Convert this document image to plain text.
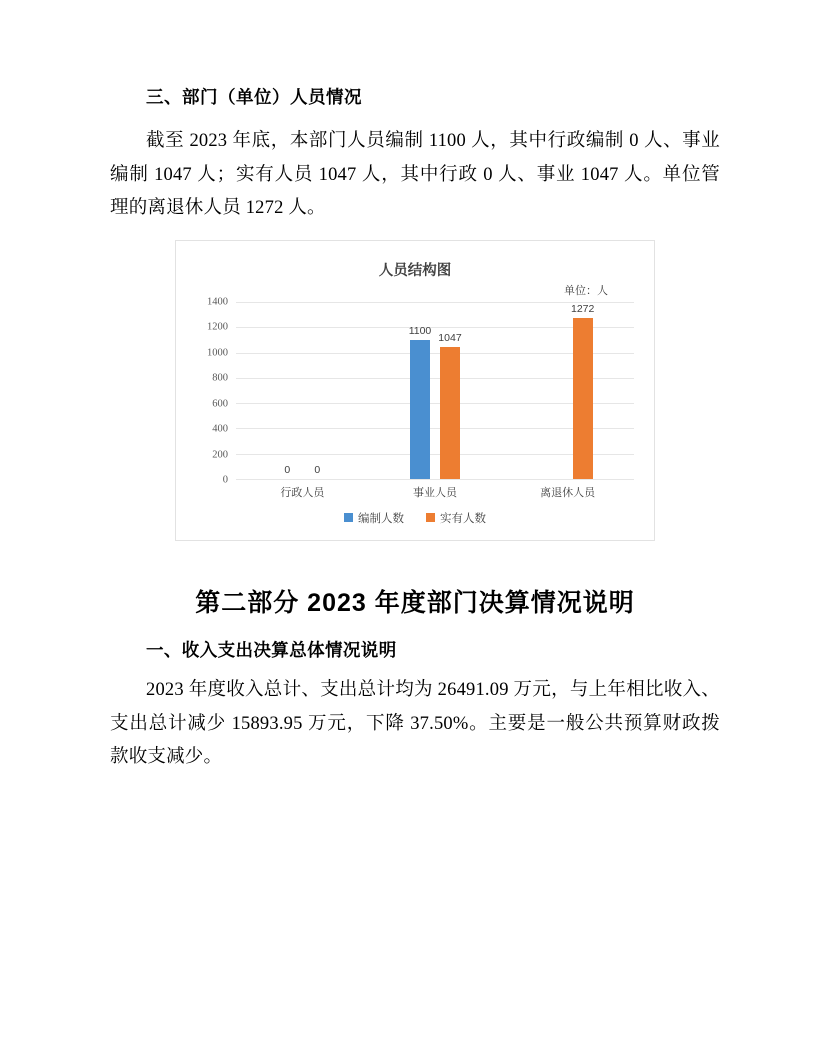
三、部门（单位）人员情况

截至 2023 年底，本部门人员编制 1100 人，其中行政编制 0 人、事业编制 1047 人；实有人员 1047 人，其中行政 0 人、事业 1047 人。单位管理的离退休人员 1272 人。

人员结构图
单位：人
0
200
400
600
800
1000
1200
1400
0 0
1100
1047
1272
行政人员	事业人员	离退休人员
编制人数	实有人数
第二部分 2023 年度部门决算情况说明
一、收入支出决算总体情况说明

2023 年度收入总计、支出总计均为 26491.09 万元，与上年相比收入、支出总计减少 15893.95 万元，下降 37.50%。主要是一般公共预算财政拨款收支减少。
